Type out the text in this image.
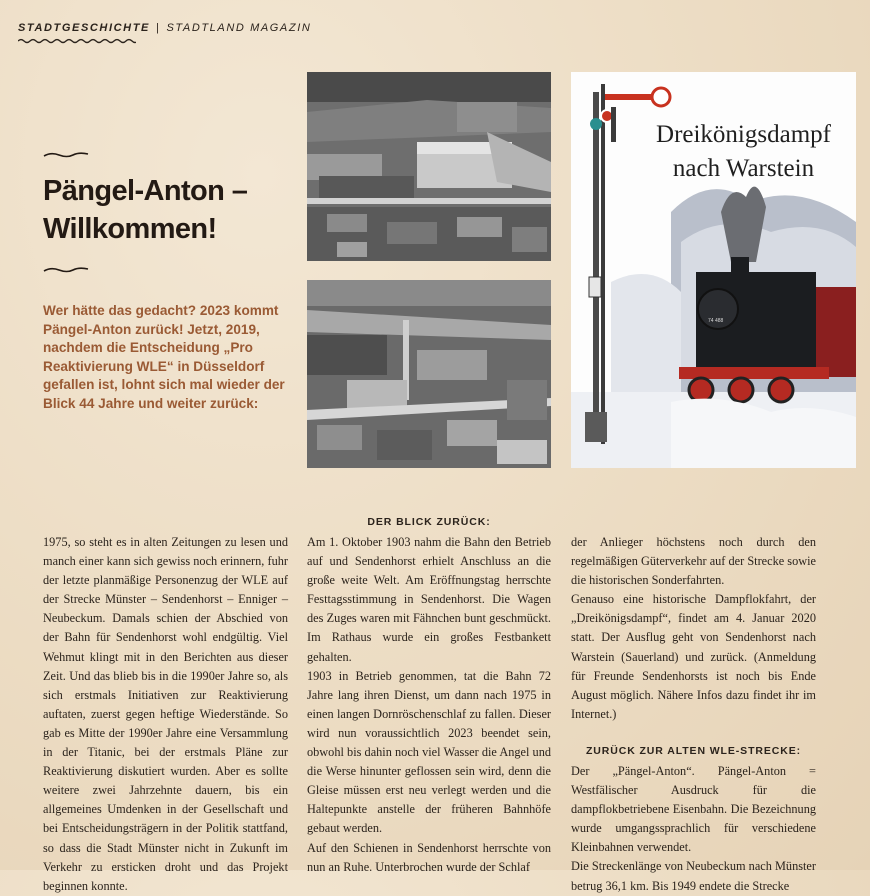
STADTGESCHICHTE | STADTLAND MAGAZIN
Pängel-Anton –
Willkommen!

Wer hätte das gedacht? 2023 kommt Pängel-Anton zurück! Jetzt, 2019, nachdem die Entscheidung „Pro Reaktivierung WLE“ in Düsseldorf gefallen ist, lohnt sich mal wieder der Blick 44 Jahre und weiter zurück:

Dreikönigsdampf
nach Warstein
74 488

1975, so steht es in alten Zeitungen zu lesen und manch einer kann sich gewiss noch erinnern, fuhr der letzte planmäßige Personenzug der WLE auf der Strecke Münster – Sendenhorst – Enniger – Neubeckum. Damals schien der Abschied von der Bahn für Sendenhorst wohl endgültig. Viel Wehmut klingt mit in den Berichten aus dieser Zeit. Und das blieb bis in die 1990er Jahre so, als sich erstmals Initiativen zur Reaktivierung auftaten, zuerst gegen heftige Wiederstände. So gab es Mitte der 1990er Jahre eine Versammlung in der Titanic, bei der erstmals Pläne zur Reaktivierung diskutiert wurden. Aber es sollte weitere zwei Jahrzehnte dauern, bis ein allgemeines Umdenken in der Gesellschaft und bei Entscheidungsträgern in der Politik stattfand, so dass die Stadt Münster nicht in Zukunft im Verkehr zu ersticken droht und das Projekt beginnen konnte.

DER BLICK ZURÜCK:

Am 1. Oktober 1903 nahm die Bahn den Betrieb auf und Sendenhorst erhielt Anschluss an die große weite Welt. Am Eröffnungstag herrschte Festtagsstimmung in Sendenhorst. Die Wagen des Zuges waren mit Fähnchen bunt geschmückt. Im Rathaus wurde ein großes Festbankett gehalten.

1903 in Betrieb genommen, tat die Bahn 72 Jahre lang ihren Dienst, um dann nach 1975 in einen langen Dornröschenschlaf zu fallen. Dieser wird nun voraussichtlich 2023 beendet sein, obwohl bis dahin noch viel Wasser die Angel und die Werse hinunter geflossen sein wird, denn die Gleise müssen erst neu verlegt werden und die Haltepunkte anstelle der früheren Bahnhöfe gebaut werden.

Auf den Schienen in Sendenhorst herrschte von nun an Ruhe. Unterbrochen wurde der Schlaf

der Anlieger höchstens noch durch den regelmäßigen Güterverkehr auf der Strecke sowie die historischen Sonderfahrten.

Genauso eine historische Dampflokfahrt, der „Dreikönigsdampf“, findet am 4. Januar 2020 statt. Der Ausflug geht von Sendenhorst nach Warstein (Sauerland) und zurück. (Anmeldung für Freunde Sendenhorsts ist noch bis Ende August möglich. Nähere Infos dazu findet ihr im Internet.)

ZURÜCK ZUR ALTEN WLE-STRECKE:

Der „Pängel-Anton“. Pängel-Anton = Westfälischer Ausdruck für die dampflokbetriebene Eisenbahn. Die Bezeichnung wurde umgangssprachlich für verschiedene Kleinbahnen verwendet.

Die Streckenlänge von Neubeckum nach Münster betrug 36,1 km. Bis 1949 endete die Strecke
